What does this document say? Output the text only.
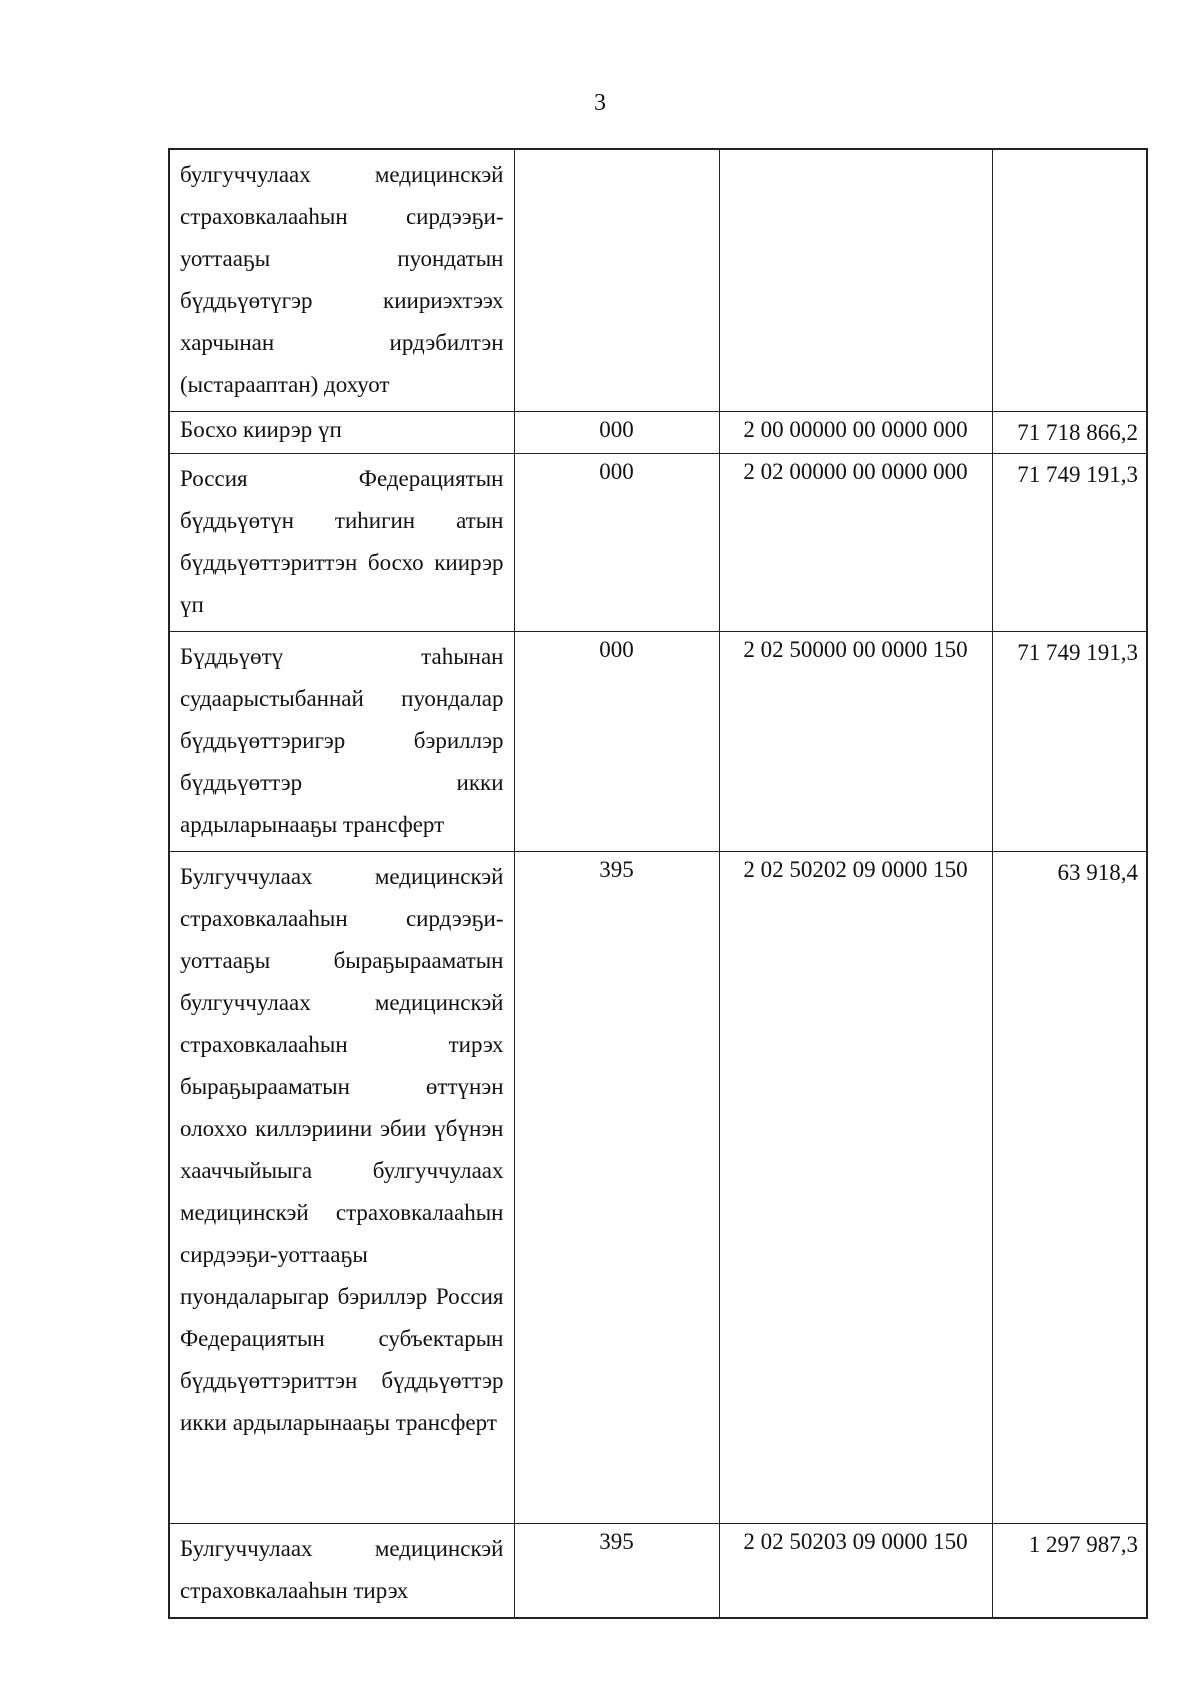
3
булгуччулаах медицинскэй страховкалааһын сирдээҕи-уоттааҕы пуондатын бүддьүөтүгэр киириэхтээх харчынан ирдэбилтэн (ыстарааптан) дохуот			

Босхо киирэр үп	000	2 00 00000 00 0000 000	71 718 866,2

Россия Федерациятын бүддьүөтүн тиһигин атын бүддьүөттэриттэн босхо киирэр үп	000	2 02 00000 00 0000 000	71 749 191,3

Бүддьүөтү таһынан судаарыстыбаннай пуондалар бүддьүөттэригэр бэриллэр бүддьүөттэр икки ардыларынааҕы трансферт	000	2 02 50000 00 0000 150	71 749 191,3

Булгуччулаах медицинскэй страховкалааһын сирдээҕи-уоттааҕы быраҕырааматын булгуччулаах медицинскэй страховкалааһын тирэх быраҕырааматын өттүнэн олоххо киллэриини эбии үбүнэн хааччыйыыга булгуччулаах медицинскэй страховкалааһын сирдээҕи-уоттааҕы пуондаларыгар бэриллэр Россия Федерациятын субъектарын бүддьүөттэриттэн бүддьүөттэр икки ардыларынааҕы трансферт	395	2 02 50202 09 0000 150	63 918,4

Булгуччулаах медицинскэй страховкалааһын тирэх	395	2 02 50203 09 0000 150	1 297 987,3
